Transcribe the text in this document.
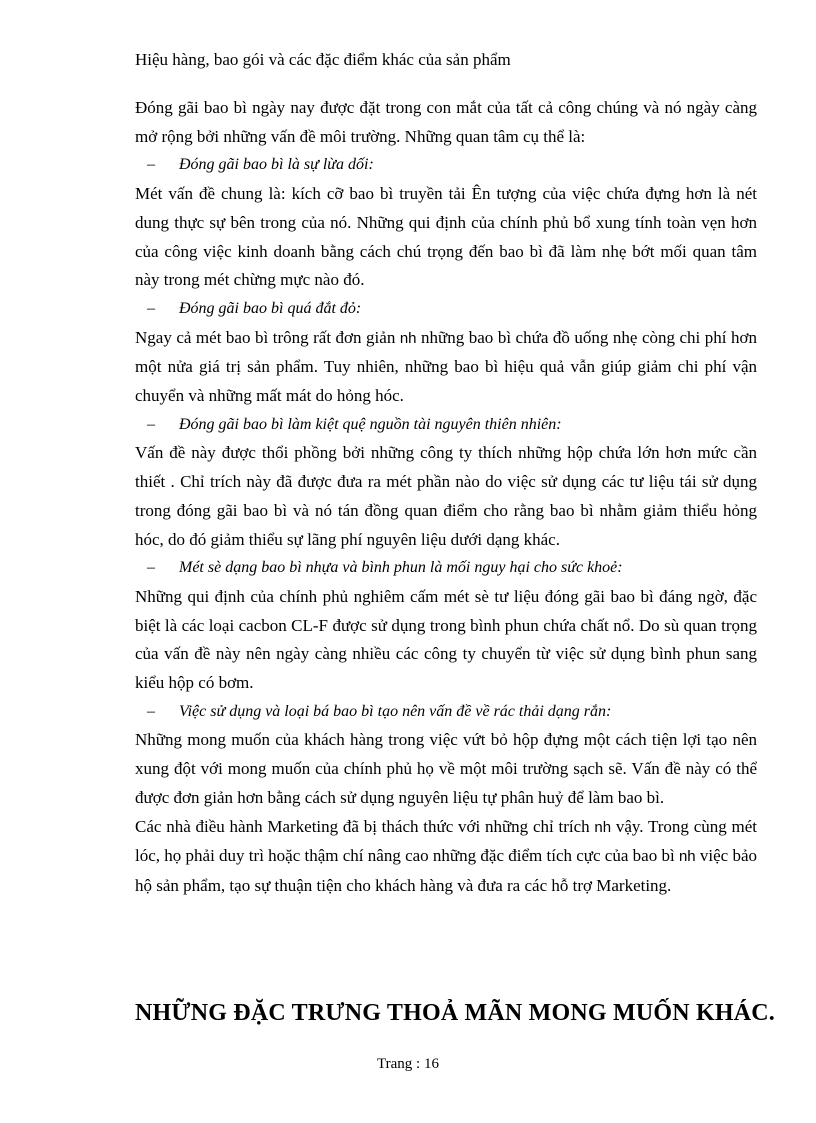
Hiệu hàng, bao gói và các đặc điểm khác của sản phẩm

Đóng gãi bao bì ngày nay được đặt trong con mắt của tất cả công chúng và nó ngày càng mở rộng bởi những vấn đề môi trường. Những quan tâm cụ thể là:

– Đóng gãi bao bì là sự lừa dối:

Mét vấn đề chung là: kích cỡ bao bì truyền tải Ên tượng của việc chứa đựng hơn là nét dung thực sự bên trong của nó. Những qui định của chính phủ bổ xung tính toàn vẹn hơn của công việc kinh doanh bằng cách chú trọng đến bao bì đã làm nhẹ bớt mối quan tâm này trong mét chừng mực nào đó.

– Đóng gãi bao bì quá đắt đỏ:

Ngay cả mét bao bì trông rất đơn giản nh những bao bì chứa đồ uống nhẹ còng chi phí hơn một nửa giá trị sản phẩm. Tuy nhiên, những bao bì hiệu quả vẫn giúp giảm chi phí vận chuyển và những mất mát do hỏng hóc.

– Đóng gãi bao bì làm kiệt quệ nguồn tài nguyên thiên nhiên:

Vấn đề này được thổi phồng bởi những công ty thích những hộp chứa lớn hơn mức cần thiết . Chỉ trích này đã được đưa ra mét phần nào do việc sử dụng các tư liệu tái sử dụng trong đóng gãi bao bì và nó tán đồng quan điểm cho rằng bao bì nhằm giảm thiểu hỏng hóc, do đó giảm thiểu sự lãng phí nguyên liệu dưới dạng khác.

– Mét sè dạng bao bì nhựa và bình phun là mối nguy hại cho sức khoẻ:

Những qui định của chính phủ nghiêm cấm mét sè tư liệu đóng gãi bao bì đáng ngờ, đặc biệt là các loại cacbon CL-F được sử dụng trong bình phun chứa chất nổ. Do sù quan trọng của vấn đề này nên ngày càng nhiều các công ty chuyển từ việc sử dụng bình phun sang kiểu hộp có bơm.

– Việc sử dụng và loại bá bao bì tạo nên vấn đề về rác thải dạng rắn:

Những mong muốn của khách hàng trong việc vứt bỏ hộp đựng một cách tiện lợi tạo nên xung đột với mong muốn của chính phủ họ về một môi trường sạch sẽ. Vấn đề này có thể được đơn giản hơn bằng cách sử dụng nguyên liệu tự phân huỷ để làm bao bì.

Các nhà điều hành Marketing đã bị thách thức với những chỉ trích nh vậy. Trong cùng mét lóc, họ phải duy trì hoặc thậm chí nâng cao những đặc điểm tích cực của bao bì nh việc bảo hộ sản phẩm, tạo sự thuận tiện cho khách hàng và đưa ra các hỗ trợ Marketing.

NHỮNG ĐẶC TRƯNG THOẢ MÃN MONG MUỐN KHÁC.
Trang : 16
